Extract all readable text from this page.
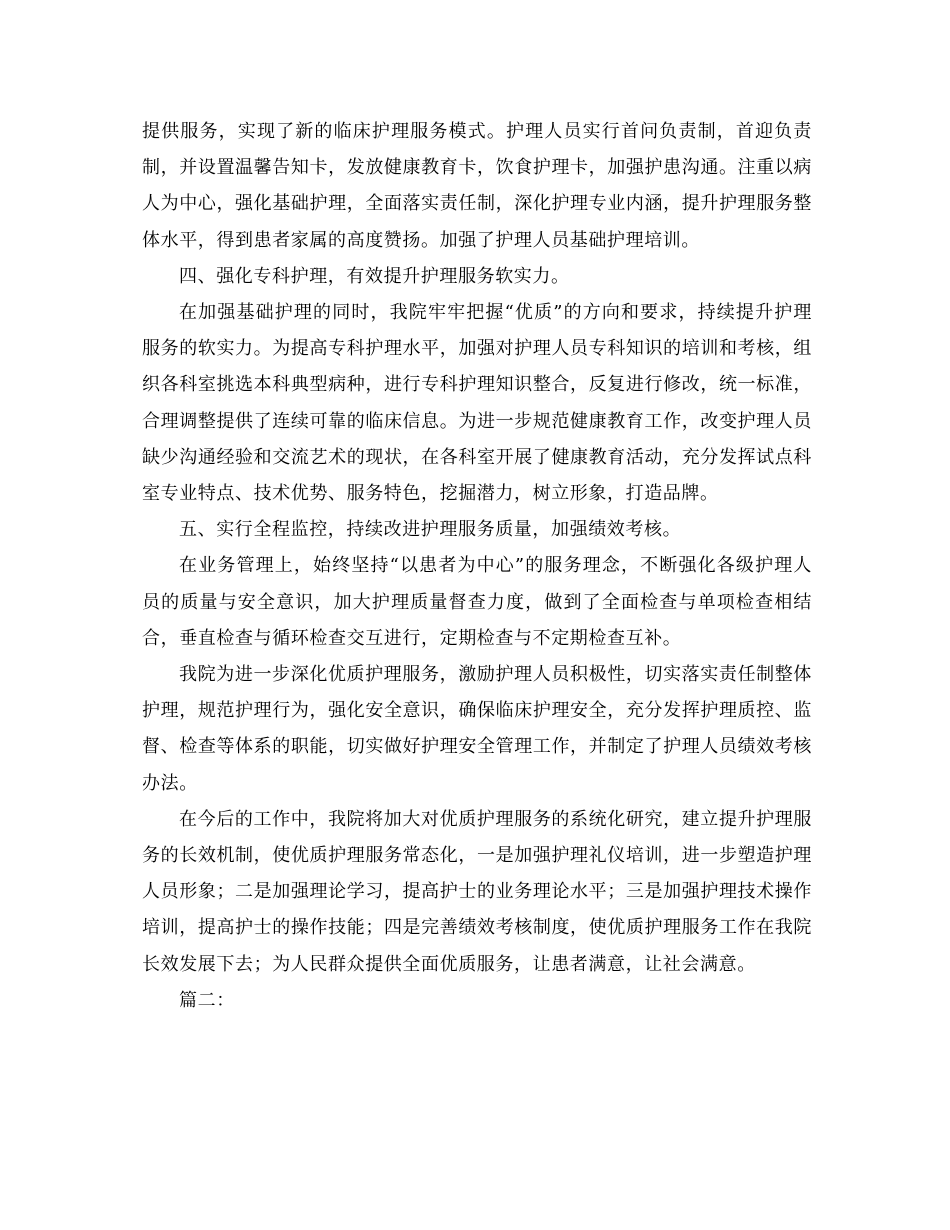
提供服务，实现了新的临床护理服务模式。护理人员实行首问负责制，首迎负责制，并设置温馨告知卡，发放健康教育卡，饮食护理卡，加强护患沟通。注重以病人为中心，强化基础护理，全面落实责任制，深化护理专业内涵，提升护理服务整体水平，得到患者家属的高度赞扬。加强了护理人员基础护理培训。

四、强化专科护理，有效提升护理服务软实力。

在加强基础护理的同时，我院牢牢把握“优质”的方向和要求，持续提升护理服务的软实力。为提高专科护理水平，加强对护理人员专科知识的培训和考核，组织各科室挑选本科典型病种，进行专科护理知识整合，反复进行修改，统一标准，合理调整提供了连续可靠的临床信息。为进一步规范健康教育工作，改变护理人员缺少沟通经验和交流艺术的现状，在各科室开展了健康教育活动，充分发挥试点科室专业特点、技术优势、服务特色，挖掘潜力，树立形象，打造品牌。

五、实行全程监控，持续改进护理服务质量，加强绩效考核。

在业务管理上，始终坚持“以患者为中心”的服务理念，不断强化各级护理人员的质量与安全意识，加大护理质量督查力度，做到了全面检查与单项检查相结合，垂直检查与循环检查交互进行，定期检查与不定期检查互补。

我院为进一步深化优质护理服务，激励护理人员积极性，切实落实责任制整体护理，规范护理行为，强化安全意识，确保临床护理安全，充分发挥护理质控、监督、检查等体系的职能，切实做好护理安全管理工作，并制定了护理人员绩效考核办法。

在今后的工作中，我院将加大对优质护理服务的系统化研究，建立提升护理服务的长效机制，使优质护理服务常态化，一是加强护理礼仪培训，进一步塑造护理人员形象；二是加强理论学习，提高护士的业务理论水平；三是加强护理技术操作培训，提高护士的操作技能；四是完善绩效考核制度，使优质护理服务工作在我院长效发展下去；为人民群众提供全面优质服务，让患者满意，让社会满意。

篇二：
